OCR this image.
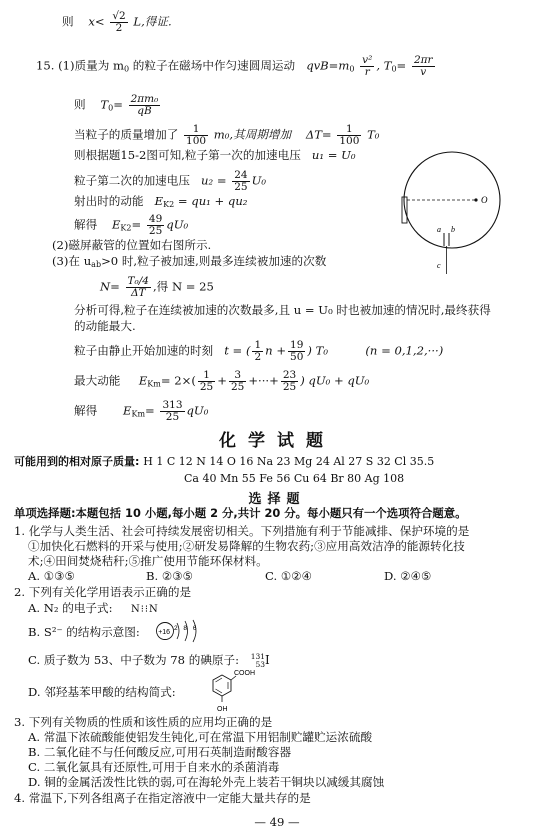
则 $x< \frac{√2}{2} L$,得证.
15. (1)质量为 $m_0$ 的粒子在磁场中作匀速圆周运动 $qvB=m_0 \frac{\text{v²}}{r}$ , $T_0= \frac{2\pi r}{v}$
则 $T_0= \frac{\text{2πm₀}}{qB}$
当粒子的质量增加了 $\frac{1}{100} m_0$,其周期增加 $\Delta T= \frac{1}{100} T_0$
则根据题15-2图可知,粒子第一次的加速电压 u₁ = U₀
粒子第二次的加速电压 $u_2 = \frac{24}{25} U_0$
射出时的动能 $E_{K2} = qu_1 + qu_2$
解得 $E_{K2}= \frac{49}{25} qU_0$
(2)磁屏蔽管的位置如右图所示.
(3)在 $u_{ab}>0$ 时,粒子被加速,则最多连续被加速的次数
$N= \frac{\text{T₀/4}}{\Delta T}$ ,得 N = 25
分析可得,粒子在连续被加速的次数最多,且 u = U₀ 时也被加速的情况时,最终获得
的动能最大.
粒子由静止开始加速的时刻 t = ( $\frac{1}{2}$ $n + \frac{19}{50}$ ) T₀	(n = 0,1,2,···)
最大动能 $E_{Km}= 2\times( \frac{1}{25} + \frac{3}{25}$ +···+ $\frac{23}{25}$ ) qU₀ + qU₀
解得 $E_{Km}= \frac{313}{25} qU_0$
O
a b
c
化学试题
可能用到的相对原子质量: H 1 C 12 N 14 O 16 Na 23 Mg 24 Al 27 S 32 Cl 35.5
Ca 40 Mn 55 Fe 56 Cu 64 Br 80 Ag 108
选择题
单项选择题:本题包括 10 小题,每小题 2 分,共计 20 分。每小题只有一个选项符合题意。
1. 化学与人类生活、社会可持续发展密切相关。下列措施有利于节能减排、保护环境的是
①加快化石燃料的开采与使用;②研发易降解的生物农药;③应用高效洁净的能源转化技
术;④田间焚烧秸秆;⑤推广使用节能环保材料。
A. ①③⑤	B. ②③⑤	C. ①②④	D. ②④⑤
2. 下列有关化学用语表示正确的是
A. N₂ 的电子式: N⁝⁝N
B. S²⁻ 的结构示意图:	+16
2 8 6
C. 质子数为 53、中子数为 78 的碘原子: 131
53 I
D. 邻羟基苯甲酸的结构简式:
COOH
OH
3. 下列有关物质的性质和该性质的应用均正确的是
A. 常温下浓硫酸能使铝发生钝化,可在常温下用铝制贮罐贮运浓硫酸
B. 二氧化硅不与任何酸反应,可用石英制造耐酸容器
C. 二氧化氯具有还原性,可用于自来水的杀菌消毒
D. 铜的金属活泼性比铁的弱,可在海轮外壳上装若干铜块以减缓其腐蚀
4. 常温下,下列各组离子在指定溶液中一定能大量共存的是
— 49 —
